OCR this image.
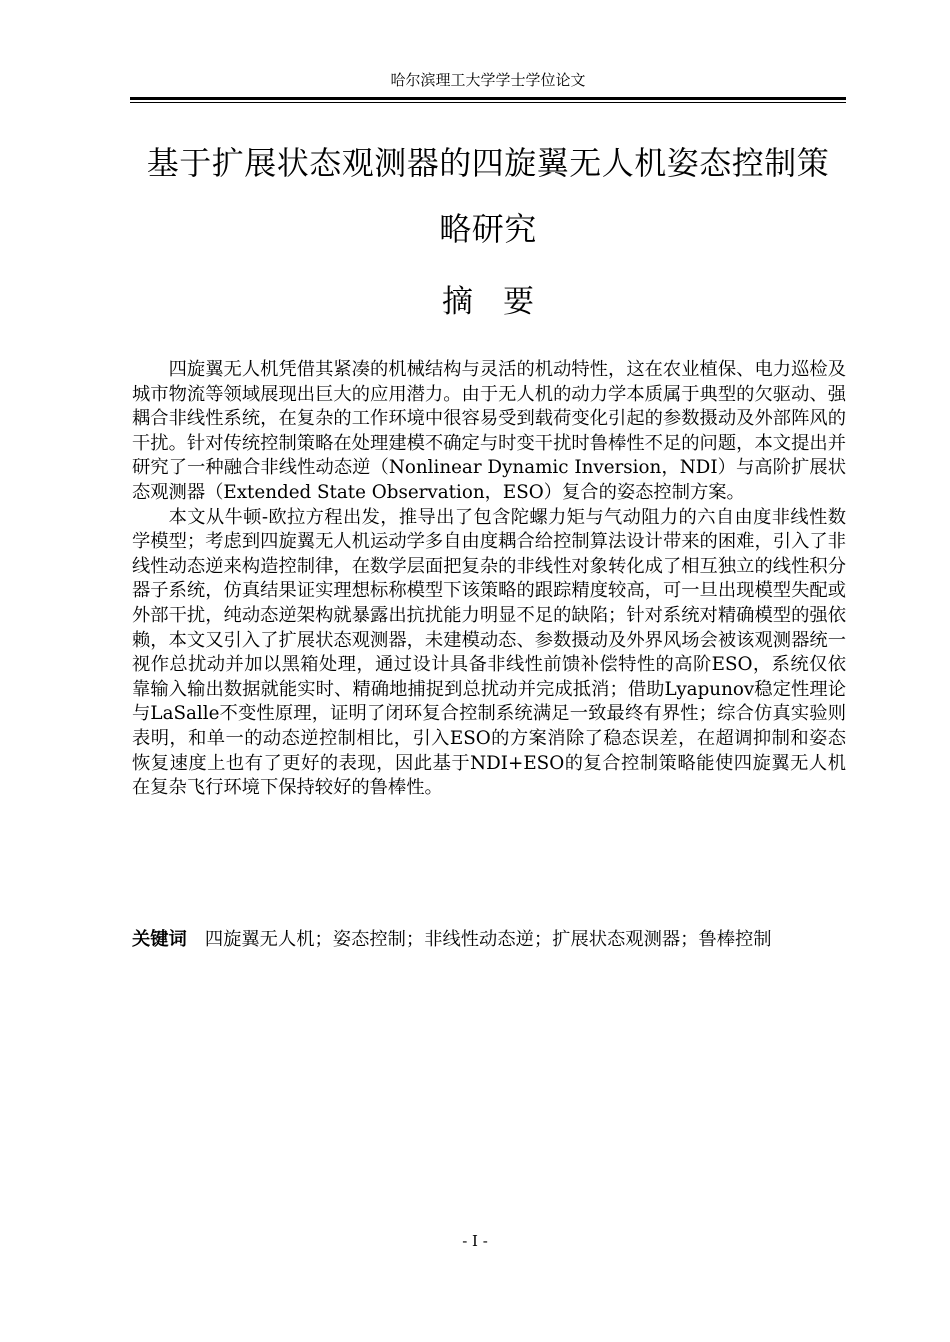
哈尔滨理工大学学士学位论文
基于扩展状态观测器的四旋翼无人机姿态控制策
略研究
摘要

四旋翼无人机凭借其紧凑的机械结构与灵活的机动特性，这在农业植保、电力巡检及城市物流等领域展现出巨大的应用潜力。由于无人机的动力学本质属于典型的欠驱动、强耦合非线性系统，在复杂的工作环境中很容易受到载荷变化引起的参数摄动及外部阵风的干扰。针对传统控制策略在处理建模不确定与时变干扰时鲁棒性不足的问题，本文提出并研究了一种融合非线性动态逆（Nonlinear Dynamic Inversion，NDI）与高阶扩展状态观测器（Extended State Observation，ESO）复合的姿态控制方案。

本文从牛顿-欧拉方程出发，推导出了包含陀螺力矩与气动阻力的六自由度非线性数学模型；考虑到四旋翼无人机运动学多自由度耦合给控制算法设计带来的困难，引入了非线性动态逆来构造控制律，在数学层面把复杂的非线性对象转化成了相互独立的线性积分器子系统，仿真结果证实理想标称模型下该策略的跟踪精度较高，可一旦出现模型失配或外部干扰，纯动态逆架构就暴露出抗扰能力明显不足的缺陷；针对系统对精确模型的强依赖，本文又引入了扩展状态观测器，未建模动态、参数摄动及外界风场会被该观测器统一视作总扰动并加以黑箱处理，通过设计具备非线性前馈补偿特性的高阶ESO，系统仅依靠输入输出数据就能实时、精确地捕捉到总扰动并完成抵消；借助Lyapunov稳定性理论与LaSalle不变性原理，证明了闭环复合控制系统满足一致最终有界性；综合仿真实验则表明，和单一的动态逆控制相比，引入ESO的方案消除了稳态误差，在超调抑制和姿态恢复速度上也有了更好的表现，因此基于NDI+ESO的复合控制策略能使四旋翼无人机在复杂飞行环境下保持较好的鲁棒性。

关键词 四旋翼无人机；姿态控制；非线性动态逆；扩展状态观测器；鲁棒控制
- I -
